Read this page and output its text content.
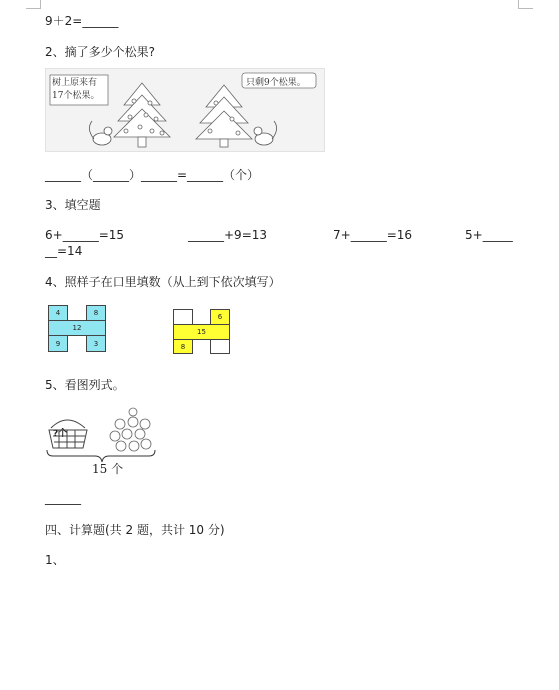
9＋2=______
2、摘了多少个松果?
树上原来有17个松果。
只剩9个松果。
______（______）______=______（个）
3、填空题
6+______=15	______+9=13	7+______=16	5+_____
__=14
4、照样子在口里填数（从上到下依次填写）
4	8
12
9	3
6
15
8
5、看图列式。
?个
15 个
______
四、计算题(共 2 题，共计 10 分)
1、
